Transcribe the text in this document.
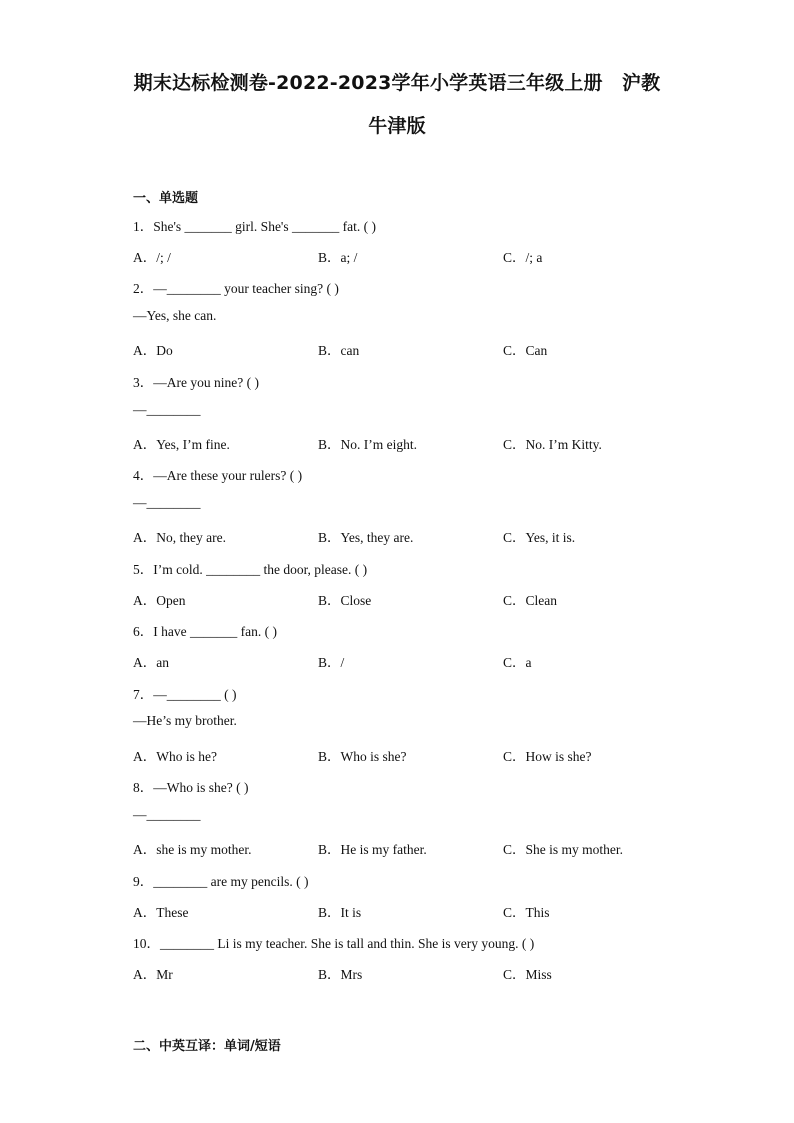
期末达标检测卷-2022-2023学年小学英语三年级上册　沪教
牛津版
一、单选题
1．She's _______ girl. She's _______ fat. ( )
A．/; /	B．a; /	C．/; a
2．—________ your teacher sing? ( )
—Yes, she can.
A．Do	B．can	C．Can
3．—Are you nine? ( )
—________
A．Yes, I’m fine.	B．No. I’m eight.	C．No. I’m Kitty.
4．—Are these your rulers? ( )
—________
A．No, they are.	B．Yes, they are.	C．Yes, it is.
5．I’m cold. ________ the door, please. ( )
A．Open	B．Close	C．Clean
6．I have _______ fan. ( )
A．an	B．/	C．a
7．—________ ( )
—He’s my brother.
A．Who is he?	B．Who is she?	C．How is she?
8．—Who is she? ( )
—________
A．she is my mother.	B．He is my father.	C．She is my mother.
9．________ are my pencils. ( )
A．These	B．It is	C．This
10．________ Li is my teacher. She is tall and thin. She is very young. ( )
A．Mr	B．Mrs	C．Miss
二、中英互译：单词/短语
